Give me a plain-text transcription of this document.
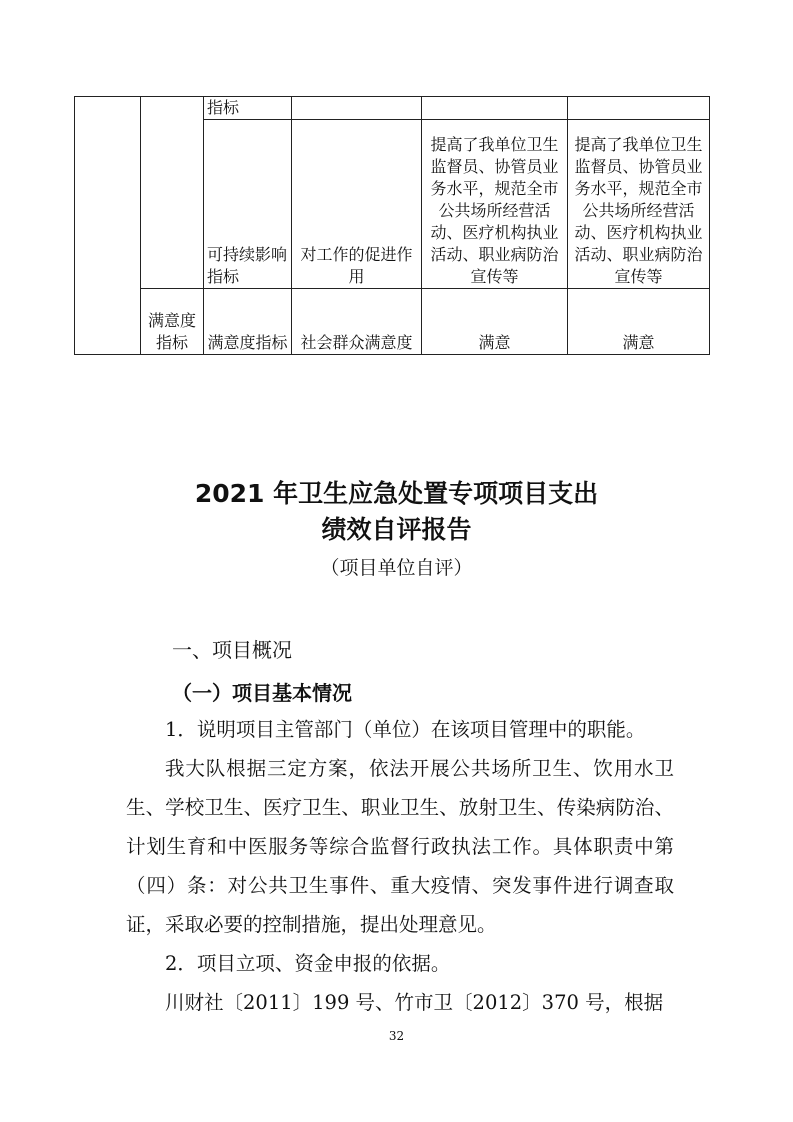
		指标			
		可持续影响 指标	对工作的促进作用	提高了我单位卫生监督员、协管员业务水平，规范全市公共场所经营活动、医疗机构执业活动、职业病防治宣传等	提高了我单位卫生监督员、协管员业务水平，规范全市公共场所经营活动、医疗机构执业活动、职业病防治宣传等
	满意度指标	满意度指标	社会群众满意度	满意	满意
2021 年卫生应急处置专项项目支出
绩效自评报告
（项目单位自评）
一、项目概况
（一）项目基本情况

1．说明项目主管部门（单位）在该项目管理中的职能。

我大队根据三定方案，依法开展公共场所卫生、饮用水卫生、学校卫生、医疗卫生、职业卫生、放射卫生、传染病防治、计划生育和中医服务等综合监督行政执法工作。具体职责中第（四）条：对公共卫生事件、重大疫情、突发事件进行调查取证，采取必要的控制措施，提出处理意见。

2．项目立项、资金申报的依据。

川财社〔2011〕199 号、竹市卫〔2012〕370 号，根据

32
